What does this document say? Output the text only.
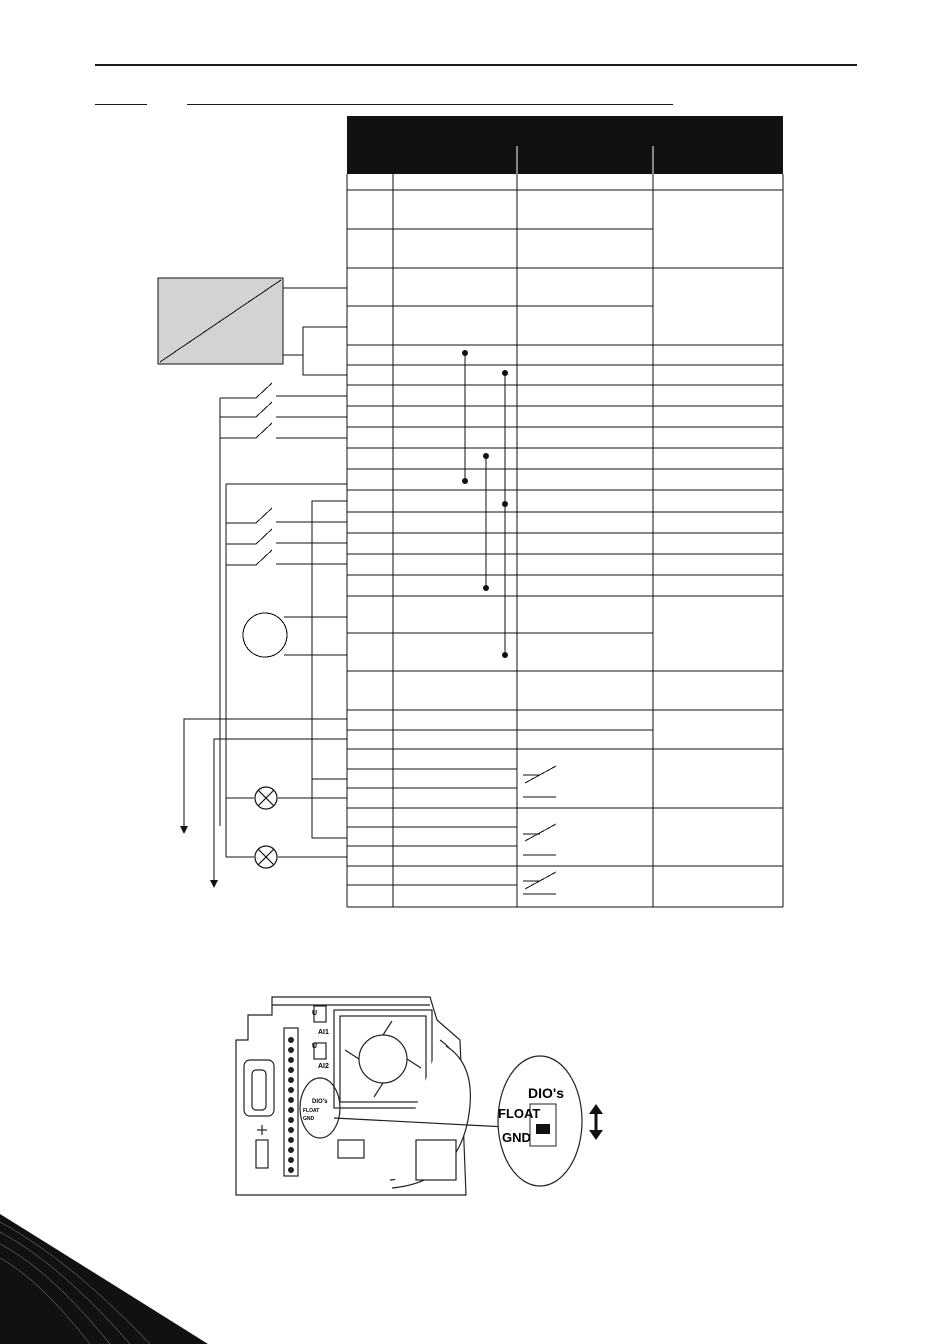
U
AI1
U
AI2
DIO's
FLOAT
GND
DIO's
FLOAT
GND
